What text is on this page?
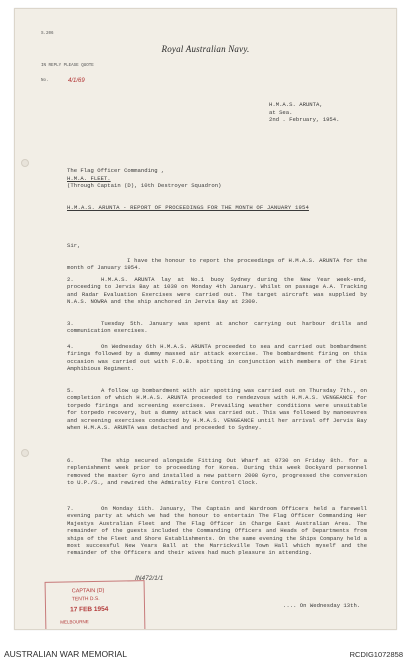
S.206
IN REPLY PLEASE QUOTE
No.	4/1/69
Royal Australian Navy.
H.M.A.S. ARUNTA,
at Sea.
2nd . February, 1954.
The Flag Officer Commanding ,
H.M.A. FLEET.
(Through Captain (D), 10th Destroyer Squadron)
H.M.A.S. ARUNTA - REPORT OF PROCEEDINGS FOR THE MONTH OF JANUARY 1954
Sir,

I have the honour to report the proceedings of H.M.A.S. ARUNTA for the month of January 1954.

2.	H.M.A.S. ARUNTA lay at No.1 buoy Sydney during the New Year week-end, proceeding to Jervis Bay at 1030 on Monday 4th January. Whilst on passage A.A. Tracking and Radar Evaluation Exercises were carried out. The target aircraft was supplied by N.A.S. NOWRA and the ship anchored in Jervis Bay at 2300.

3.	Tuesday 5th. January was spent at anchor carrying out harbour drills and communication exercises.

4.	On Wednesday 6th H.M.A.S. ARUNTA proceeded to sea and carried out bombardment firings followed by a dummy massed air attack exercise. The bombardment firing on this occasion was carried out with F.O.B. spotting in conjunction with members of the First Amphibious Regiment.

5.	A follow up bombardment with air spotting was carried out on Thursday 7th., on completion of which H.M.A.S. ARUNTA proceeded to rendezvous with H.M.A.S. VENGEANCE for torpedo firings and screening exercises. Prevailing weather conditions were unsuitable for torpedo recovery, but a dummy attack was carried out. This was followed by manoeuvres and screening exercises conducted by H.M.A.S. VENGEANCE until her arrival off Jervis Bay when H.M.A.S. ARUNTA was detached and proceeded to Sydney.

6.	The ship secured alongside Fitting Out Wharf at 0730 on Friday 8th. for a replenishment week prior to proceeding for Korea. During this week Dockyard personnel removed the master Gyro and installed a new pattern 2008 Gyro, progressed the conversion to U.P./S., and rewired the Admiralty Fire Control Clock.

7.	On Monday 11th. January, The Captain and Wardroom Officers held a farewell evening party at which we had the honour to entertain The Flag Officer Commanding Her Majestys Australian Fleet and The Flag Officer in Charge East Australian Area. The remainder of the guests included the Commanding Officers and Heads of Departments from ships of the Fleet and Shore Establishments. On the same evening the Ships Company held a most successful New Years Ball at the Marrickville Town Hall which myself and the remainder of the Officers and their wives had much pleasure in attending.

IN472/1/1
CAPTAIN (D)
TENTH D.S.
17 FEB 1954
MELBOURNE
.... On Wednesday 13th.
AUSTRALIAN WAR MEMORIAL	RCDIG1072858
